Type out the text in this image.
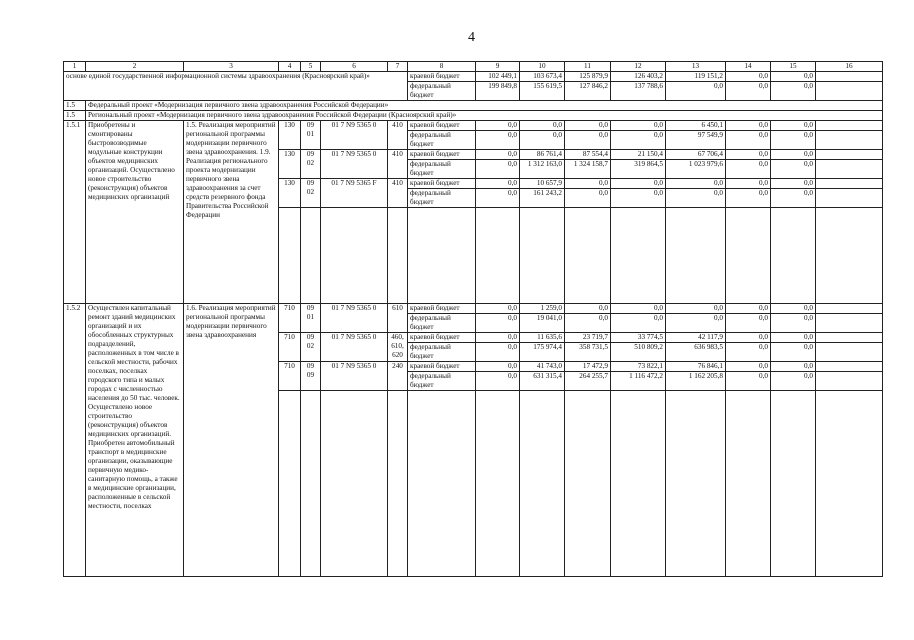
4
1	2	3	4	5	6	7	8	9	10	11	12	13	14	15	16
основе единой государственной информационной системы здравоохранения (Красноярский край)»							краевой бюджет	102 449,1	103 673,4	125 879,9	126 403,2	119 151,2	0,0	0,0	
							федеральный бюджет	199 849,8	155 619,5	127 846,2	137 788,6	0,0	0,0	0,0	
1.5	Федеральный проект «Модернизация первичного звена здравоохранения Российской Федерации»														
1.5	Региональный проект «Модернизация первичного звена здравоохранения Российской Федерации (Красноярский край)»														
1.5.1	Приобретены и смонтированы быстровозводимые модульные конструкции объектов медицинских организаций. Осуществлено новое строительство (реконструкция) объектов медицинских организаций	1.5. Реализация мероприятий региональной программы модернизации первичного звена здравоохранения. 1.9. Реализация регионального проекта модернизации первичного звена здравоохранения за счет средств резервного фонда Правительства Российской Федерации	130	09 01	01 7 N9 5365 0	410	краевой бюджет	0,0	0,0	0,0	0,0	6 450,1	0,0	0,0	
							федеральный бюджет	0,0	0,0	0,0	0,0	97 549,9	0,0	0,0	
			130	09 02	01 7 N9 5365 0	410	краевой бюджет	0,0	86 761,4	87 554,4	21 150,4	67 706,4	0,0	0,0	
							федеральный бюджет	0,0	1 312 163,0	1 324 158,7	319 864,5	1 023 979,6	0,0	0,0	
			130	09 02	01 7 N9 5365 F	410	краевой бюджет	0,0	10 657,9	0,0	0,0	0,0	0,0	0,0	
							федеральный бюджет	0,0	161 243,2	0,0	0,0	0,0	0,0	0,0	

1.5.2	Осуществлен капитальный ремонт зданий медицинских организаций и их обособленных структурных подразделений, расположенных в том числе в сельской местности, рабочих поселках, поселках городского типа и малых городах с численностью населения до 50 тыс. человек. Осуществлено новое строительство (реконструкция) объектов медицинских организаций. Приобретен автомобильный транспорт в медицинские организации, оказывающие первичную медико-санитарную помощь, а также в медицинские организации, расположенные в сельской местности, поселках	1.6. Реализация мероприятий региональной программы модернизации первичного звена здравоохранения	710	09 01	01 7 N9 5365 0	610	краевой бюджет	0,0	1 259,0	0,0	0,0	0,0	0,0	0,0	
							федеральный бюджет	0,0	19 041,0	0,0	0,0	0,0	0,0	0,0	
			710	09 02	01 7 N9 5365 0	460, 610, 620	краевой бюджет	0,0	11 635,6	23 719,7	33 774,5	42 117,9	0,0	0,0	
							федеральный бюджет	0,0	175 974,4	358 731,5	510 809,2	636 983,5	0,0	0,0	
			710	09 09	01 7 N9 5365 0	240	краевой бюджет	0,0	41 743,0	17 472,9	73 822,1	76 846,1	0,0	0,0	
							федеральный бюджет	0,0	631 315,4	264 255,7	1 116 472,2	1 162 205,8	0,0	0,0	
